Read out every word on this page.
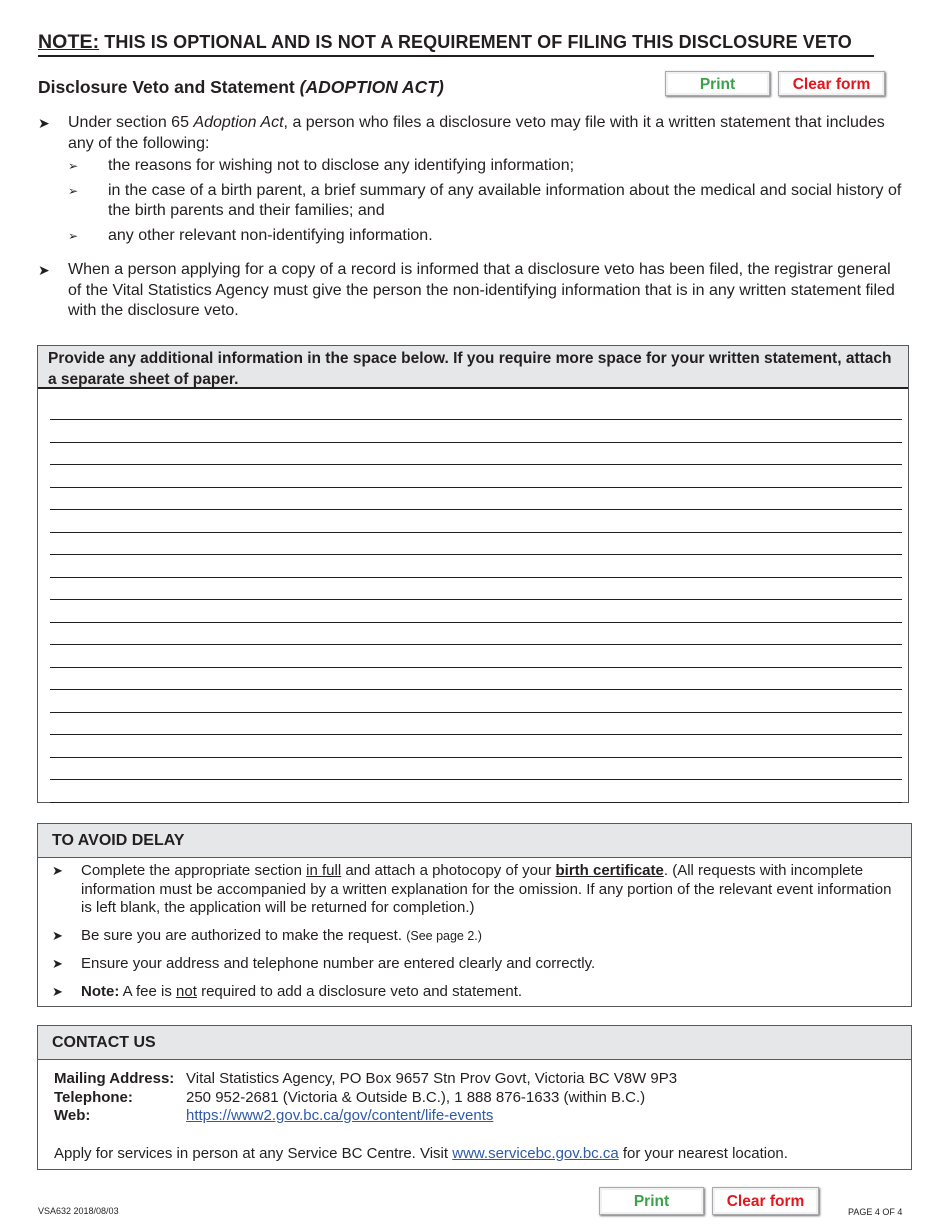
NOTE: THIS IS OPTIONAL AND IS NOT A REQUIREMENT OF FILING THIS DISCLOSURE VETO
Disclosure Veto and Statement (ADOPTION ACT)	Print	Clear form
➤ Under section 65 Adoption Act, a person who files a disclosure veto may file with it a written statement that includes any of the following:
➢ the reasons for wishing not to disclose any identifying information;
➢ in the case of a birth parent, a brief summary of any available information about the medical and social history of the birth parents and their families; and
➢ any other relevant non-identifying information.
➤ When a person applying for a copy of a record is informed that a disclosure veto has been filed, the registrar general of the Vital Statistics Agency must give the person the non-identifying information that is in any written statement filed with the disclosure veto.
Provide any additional information in the space below. If you require more space for your written statement, attach a separate sheet of paper.
TO AVOID DELAY
➤ Complete the appropriate section in full and attach a photocopy of your birth certificate. (All requests with incomplete information must be accompanied by a written explanation for the omission. If any portion of the relevant event information is left blank, the application will be returned for completion.)
➤ Be sure you are authorized to make the request. (See page 2.)
➤ Ensure your address and telephone number are entered clearly and correctly.
➤ Note: A fee is not required to add a disclosure veto and statement.
CONTACT US
Mailing Address: Vital Statistics Agency, PO Box 9657 Stn Prov Govt, Victoria BC V8W 9P3
Telephone:	250 952-2681 (Victoria & Outside B.C.), 1 888 876-1633 (within B.C.)
Web:	https://www2.gov.bc.ca/gov/content/life-events
Apply for services in person at any Service BC Centre. Visit www.servicebc.gov.bc.ca for your nearest location.
VSA632 2018/08/03
Print	Clear form
PAGE 4 OF 4
